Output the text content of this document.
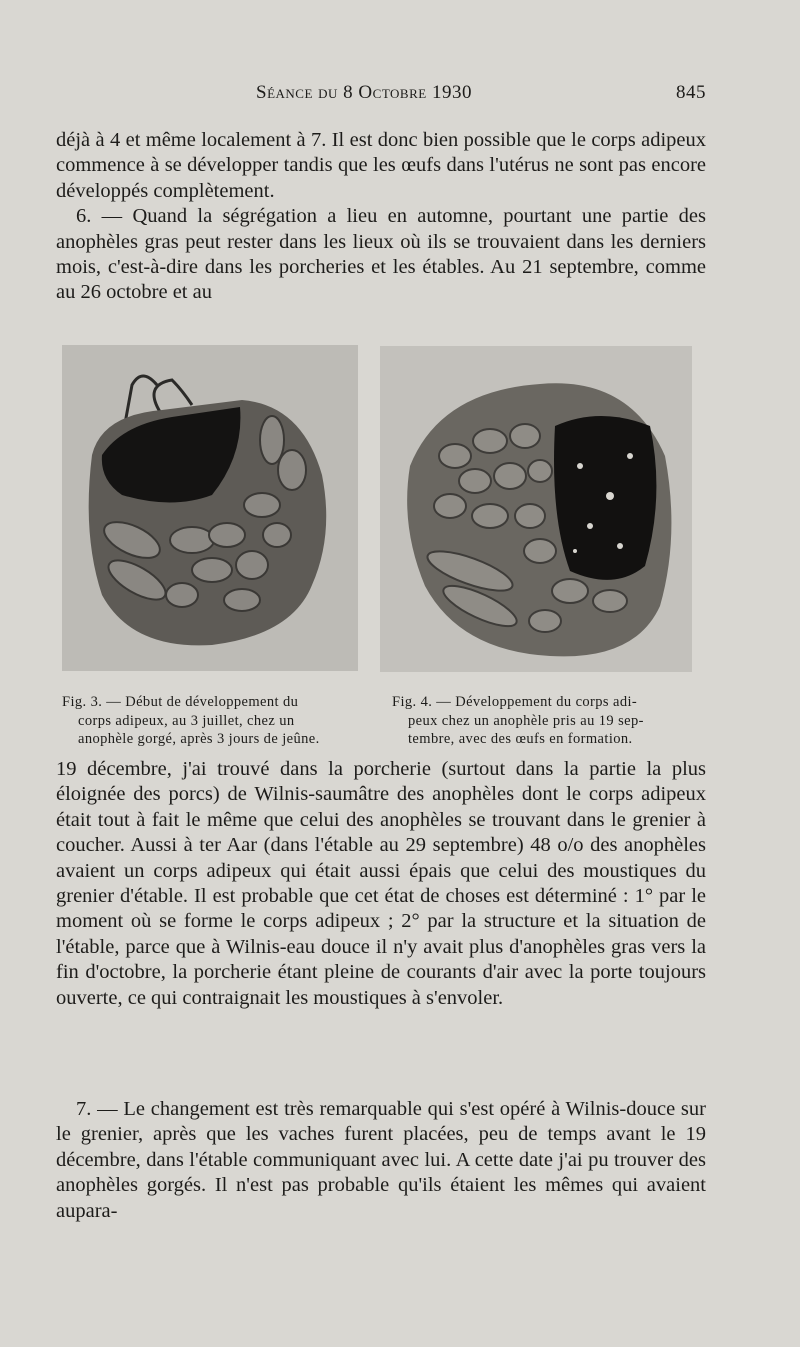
Séance du 8 Octobre 1930	845

déjà à 4 et même localement à 7. Il est donc bien possible que le corps adipeux commence à se développer tandis que les œufs dans l'utérus ne sont pas encore développés complètement.
6. — Quand la ségrégation a lieu en automne, pourtant une partie des anophèles gras peut rester dans les lieux où ils se trouvaient dans les derniers mois, c'est-à-dire dans les porcheries et les étables. Au 21 septembre, comme au 26 octobre et au

Fig. 3. — Début de développement du
corps adipeux, au 3 juillet, chez un
anophèle gorgé, après 3 jours de jeûne.

Fig. 4. — Développement du corps adi-
peux chez un anophèle pris au 19 sep-
tembre, avec des œufs en formation.

19 décembre, j'ai trouvé dans la porcherie (surtout dans la partie la plus éloignée des porcs) de Wilnis-saumâtre des anophèles dont le corps adipeux était tout à fait le même que celui des anophèles se trouvant dans le grenier à coucher. Aussi à ter Aar (dans l'étable au 29 septembre) 48 o/o des anophèles avaient un corps adipeux qui était aussi épais que celui des moustiques du grenier d'étable. Il est probable que cet état de choses est déterminé : 1° par le moment où se forme le corps adipeux ; 2° par la structure et la situation de l'étable, parce que à Wilnis-eau douce il n'y avait plus d'anophèles gras vers la fin d'octobre, la porcherie étant pleine de courants d'air avec la porte toujours ouverte, ce qui contraignait les moustiques à s'envoler.

7. — Le changement est très remarquable qui s'est opéré à Wilnis-douce sur le grenier, après que les vaches furent placées, peu de temps avant le 19 décembre, dans l'étable communiquant avec lui. A cette date j'ai pu trouver des anophèles gorgés. Il n'est pas probable qu'ils étaient les mêmes qui avaient aupara-
